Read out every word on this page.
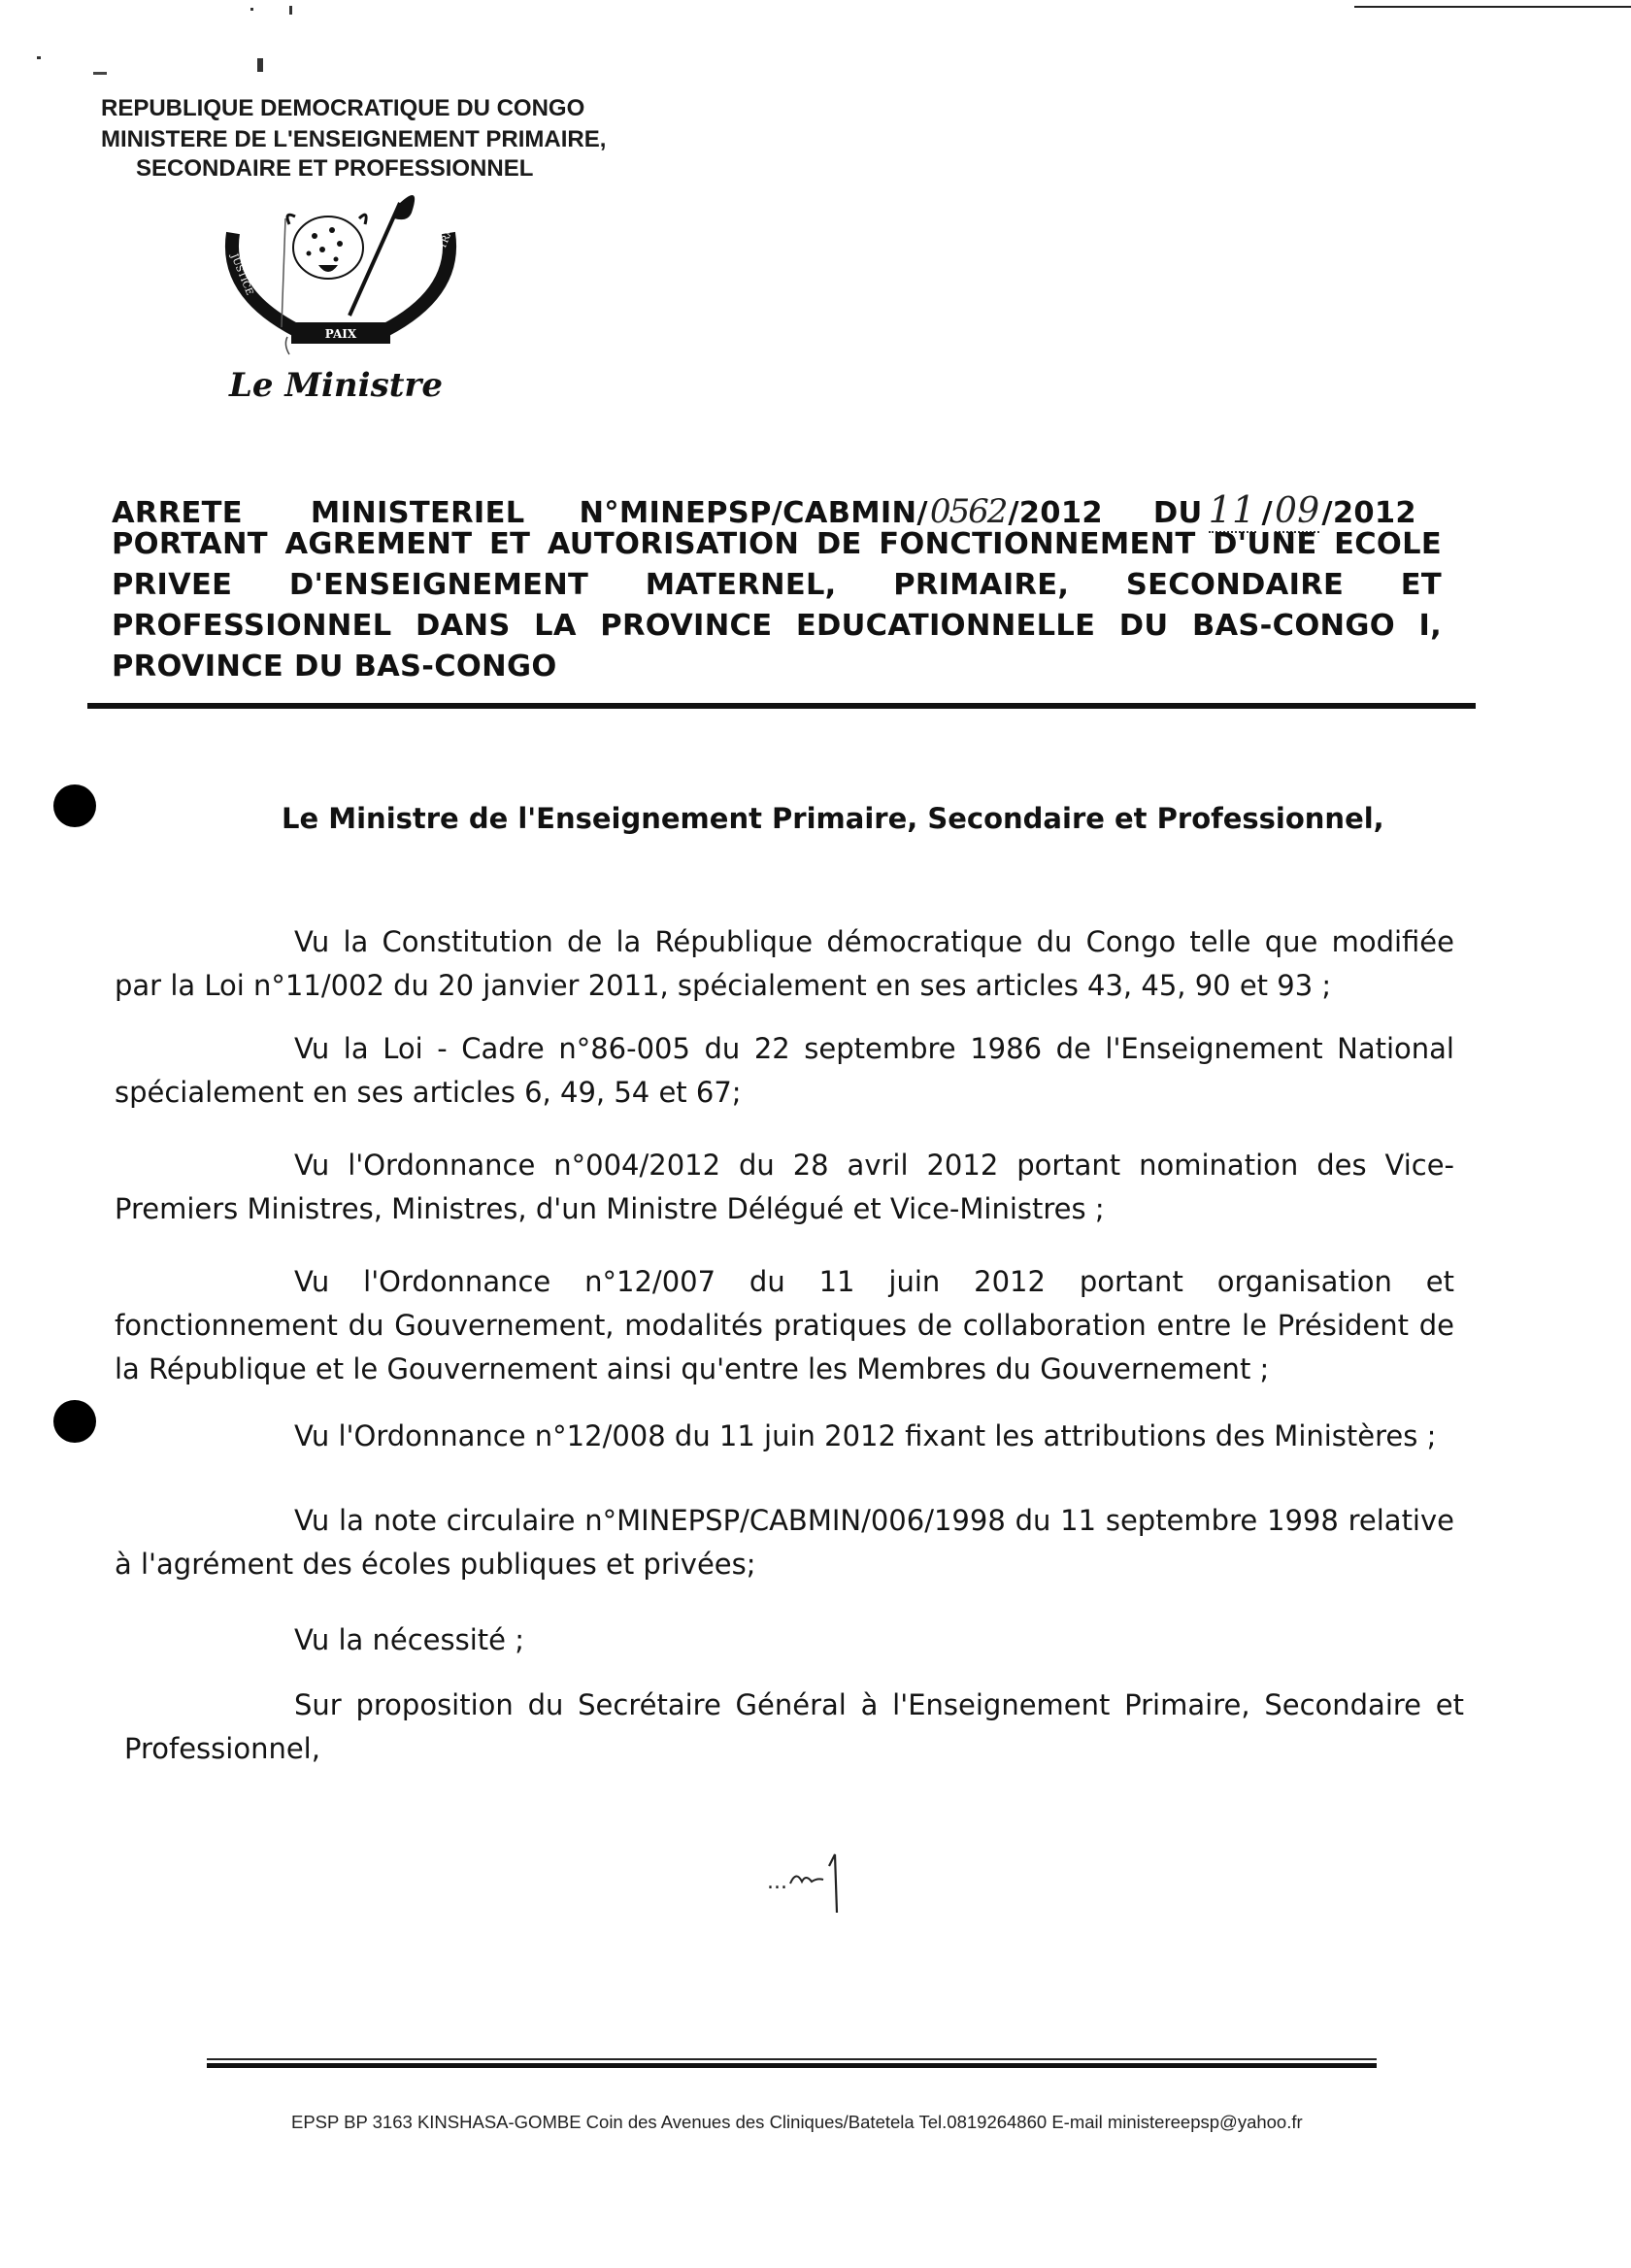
REPUBLIQUE DEMOCRATIQUE DU CONGO
MINISTERE DE L'ENSEIGNEMENT PRIMAIRE,
SECONDAIRE ET PROFESSIONNEL
PAIX
JUSTICE
TRAVAIL
Le Ministre
ARRETE MINISTERIEL N°MINEPSP/CABMIN/ 0562 /2012 DU 11 / 09 /2012
PORTANT AGREMENT ET AUTORISATION DE FONCTIONNEMENT D'UNE ECOLE
PRIVEE D'ENSEIGNEMENT MATERNEL, PRIMAIRE, SECONDAIRE ET
PROFESSIONNEL DANS LA PROVINCE EDUCATIONNELLE DU BAS-CONGO I,
PROVINCE DU BAS-CONGO
Le Ministre de l'Enseignement Primaire, Secondaire et Professionnel,
Vu la Constitution de la République démocratique du Congo telle que modifiée par la Loi n°11/002 du 20 janvier 2011, spécialement en ses articles 43, 45, 90 et 93 ;
Vu la Loi - Cadre n°86-005 du 22 septembre 1986 de l'Enseignement National spécialement en ses articles 6, 49, 54 et 67;
Vu l'Ordonnance n°004/2012 du 28 avril 2012 portant nomination des Vice-Premiers Ministres, Ministres, d'un Ministre Délégué et Vice-Ministres ;
Vu l'Ordonnance n°12/007 du 11 juin 2012 portant organisation et fonctionnement du Gouvernement, modalités pratiques de collaboration entre le Président de la République et le Gouvernement ainsi qu'entre les Membres du Gouvernement ;
Vu l'Ordonnance n°12/008 du 11 juin 2012 fixant les attributions des Ministères ;
Vu la note circulaire n°MINEPSP/CABMIN/006/1998 du 11 septembre 1998 relative à l'agrément des écoles publiques et privées;
Vu la nécessité ;
Sur proposition du Secrétaire Général à l'Enseignement Primaire, Secondaire et Professionnel,
...
EPSP BP 3163 KINSHASA-GOMBE Coin des Avenues des Cliniques/Batetela Tel.0819264860 E-mail ministereepsp@yahoo.fr
